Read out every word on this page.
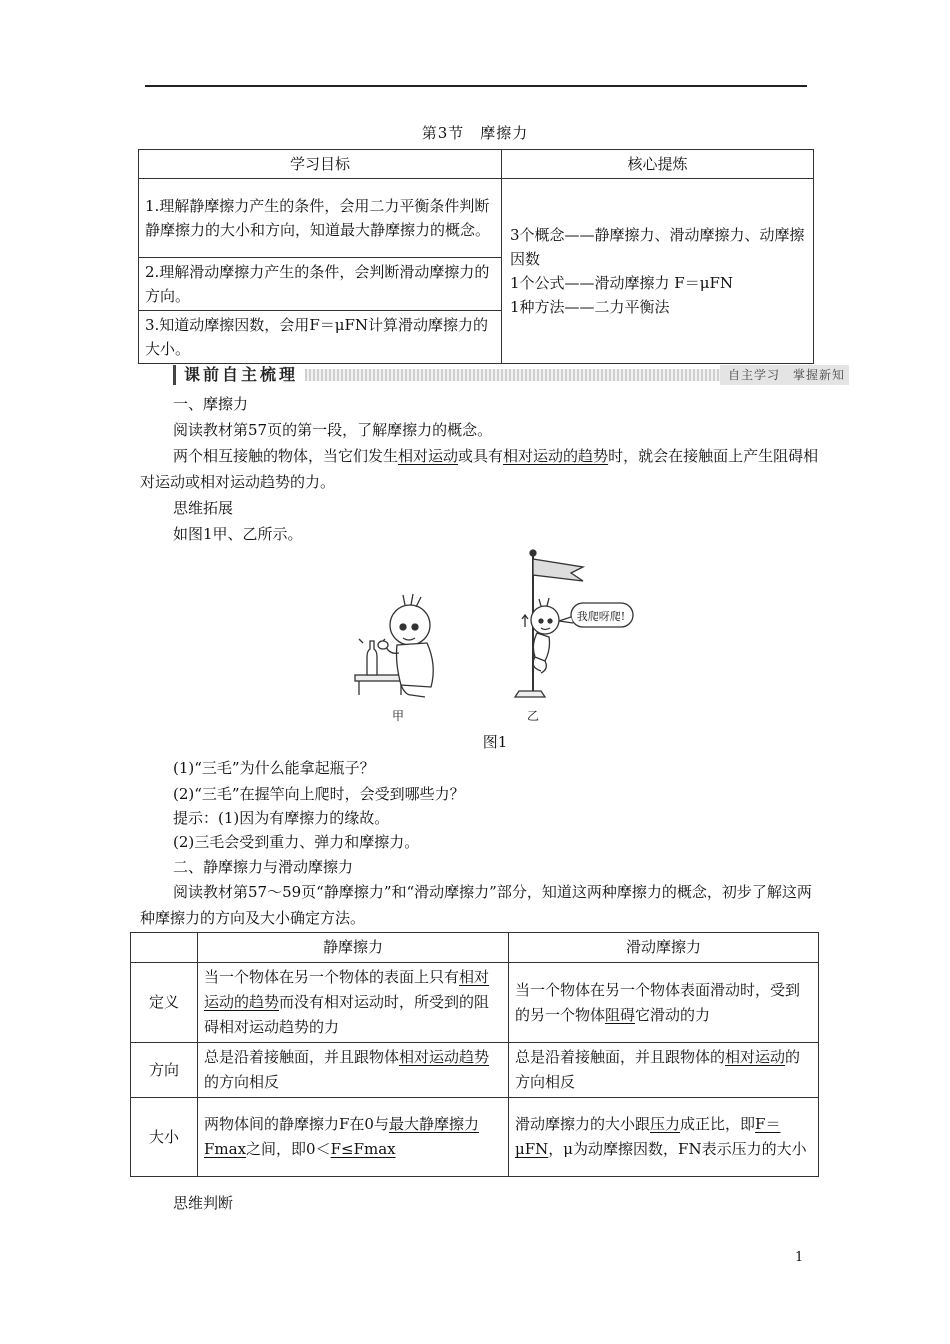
第3节　摩擦力
学习目标	核心提炼
1.理解静摩擦力产生的条件，会用二力平衡条件判断静摩擦力的大小和方向，知道最大静摩擦力的概念。	3个概念——静摩擦力、滑动摩擦力、动摩擦因数
1个公式——滑动摩擦力 F＝μFN
1种方法——二力平衡法

2.理解滑动摩擦力产生的条件，会判断滑动摩擦力的方向。	
3.知道动摩擦因数，会用F＝μFN计算滑动摩擦力的大小。	
课前自主梳理	自主学习　掌握新知
一、摩擦力
阅读教材第57页的第一段，了解摩擦力的概念。
两个相互接触的物体，当它们发生相对运动或具有相对运动的趋势时，就会在接触面上产生阻碍相对运动或相对运动趋势的力。
思维拓展
如图1甲、乙所示。
我爬呀爬!
甲	乙
图1
(1)“三毛”为什么能拿起瓶子？
(2)“三毛”在握竿向上爬时，会受到哪些力？
提示：(1)因为有摩擦力的缘故。
(2)三毛会受到重力、弹力和摩擦力。
二、静摩擦力与滑动摩擦力
阅读教材第57～59页“静摩擦力”和“滑动摩擦力”部分，知道这两种摩擦力的概念，初步了解这两种摩擦力的方向及大小确定方法。
	静摩擦力	滑动摩擦力
定义	当一个物体在另一个物体的表面上只有相对运动的趋势而没有相对运动时，所受到的阻碍相对运动趋势的力	当一个物体在另一个物体表面滑动时，受到的另一个物体阻碍它滑动的力
方向	总是沿着接触面，并且跟物体相对运动趋势的方向相反	总是沿着接触面，并且跟物体的相对运动的方向相反
大小	两物体间的静摩擦力F在0与最大静摩擦力Fmax之间，即0＜F≤Fmax	滑动摩擦力的大小跟压力成正比，即F＝μFN，μ为动摩擦因数，FN表示压力的大小
思维判断
1
